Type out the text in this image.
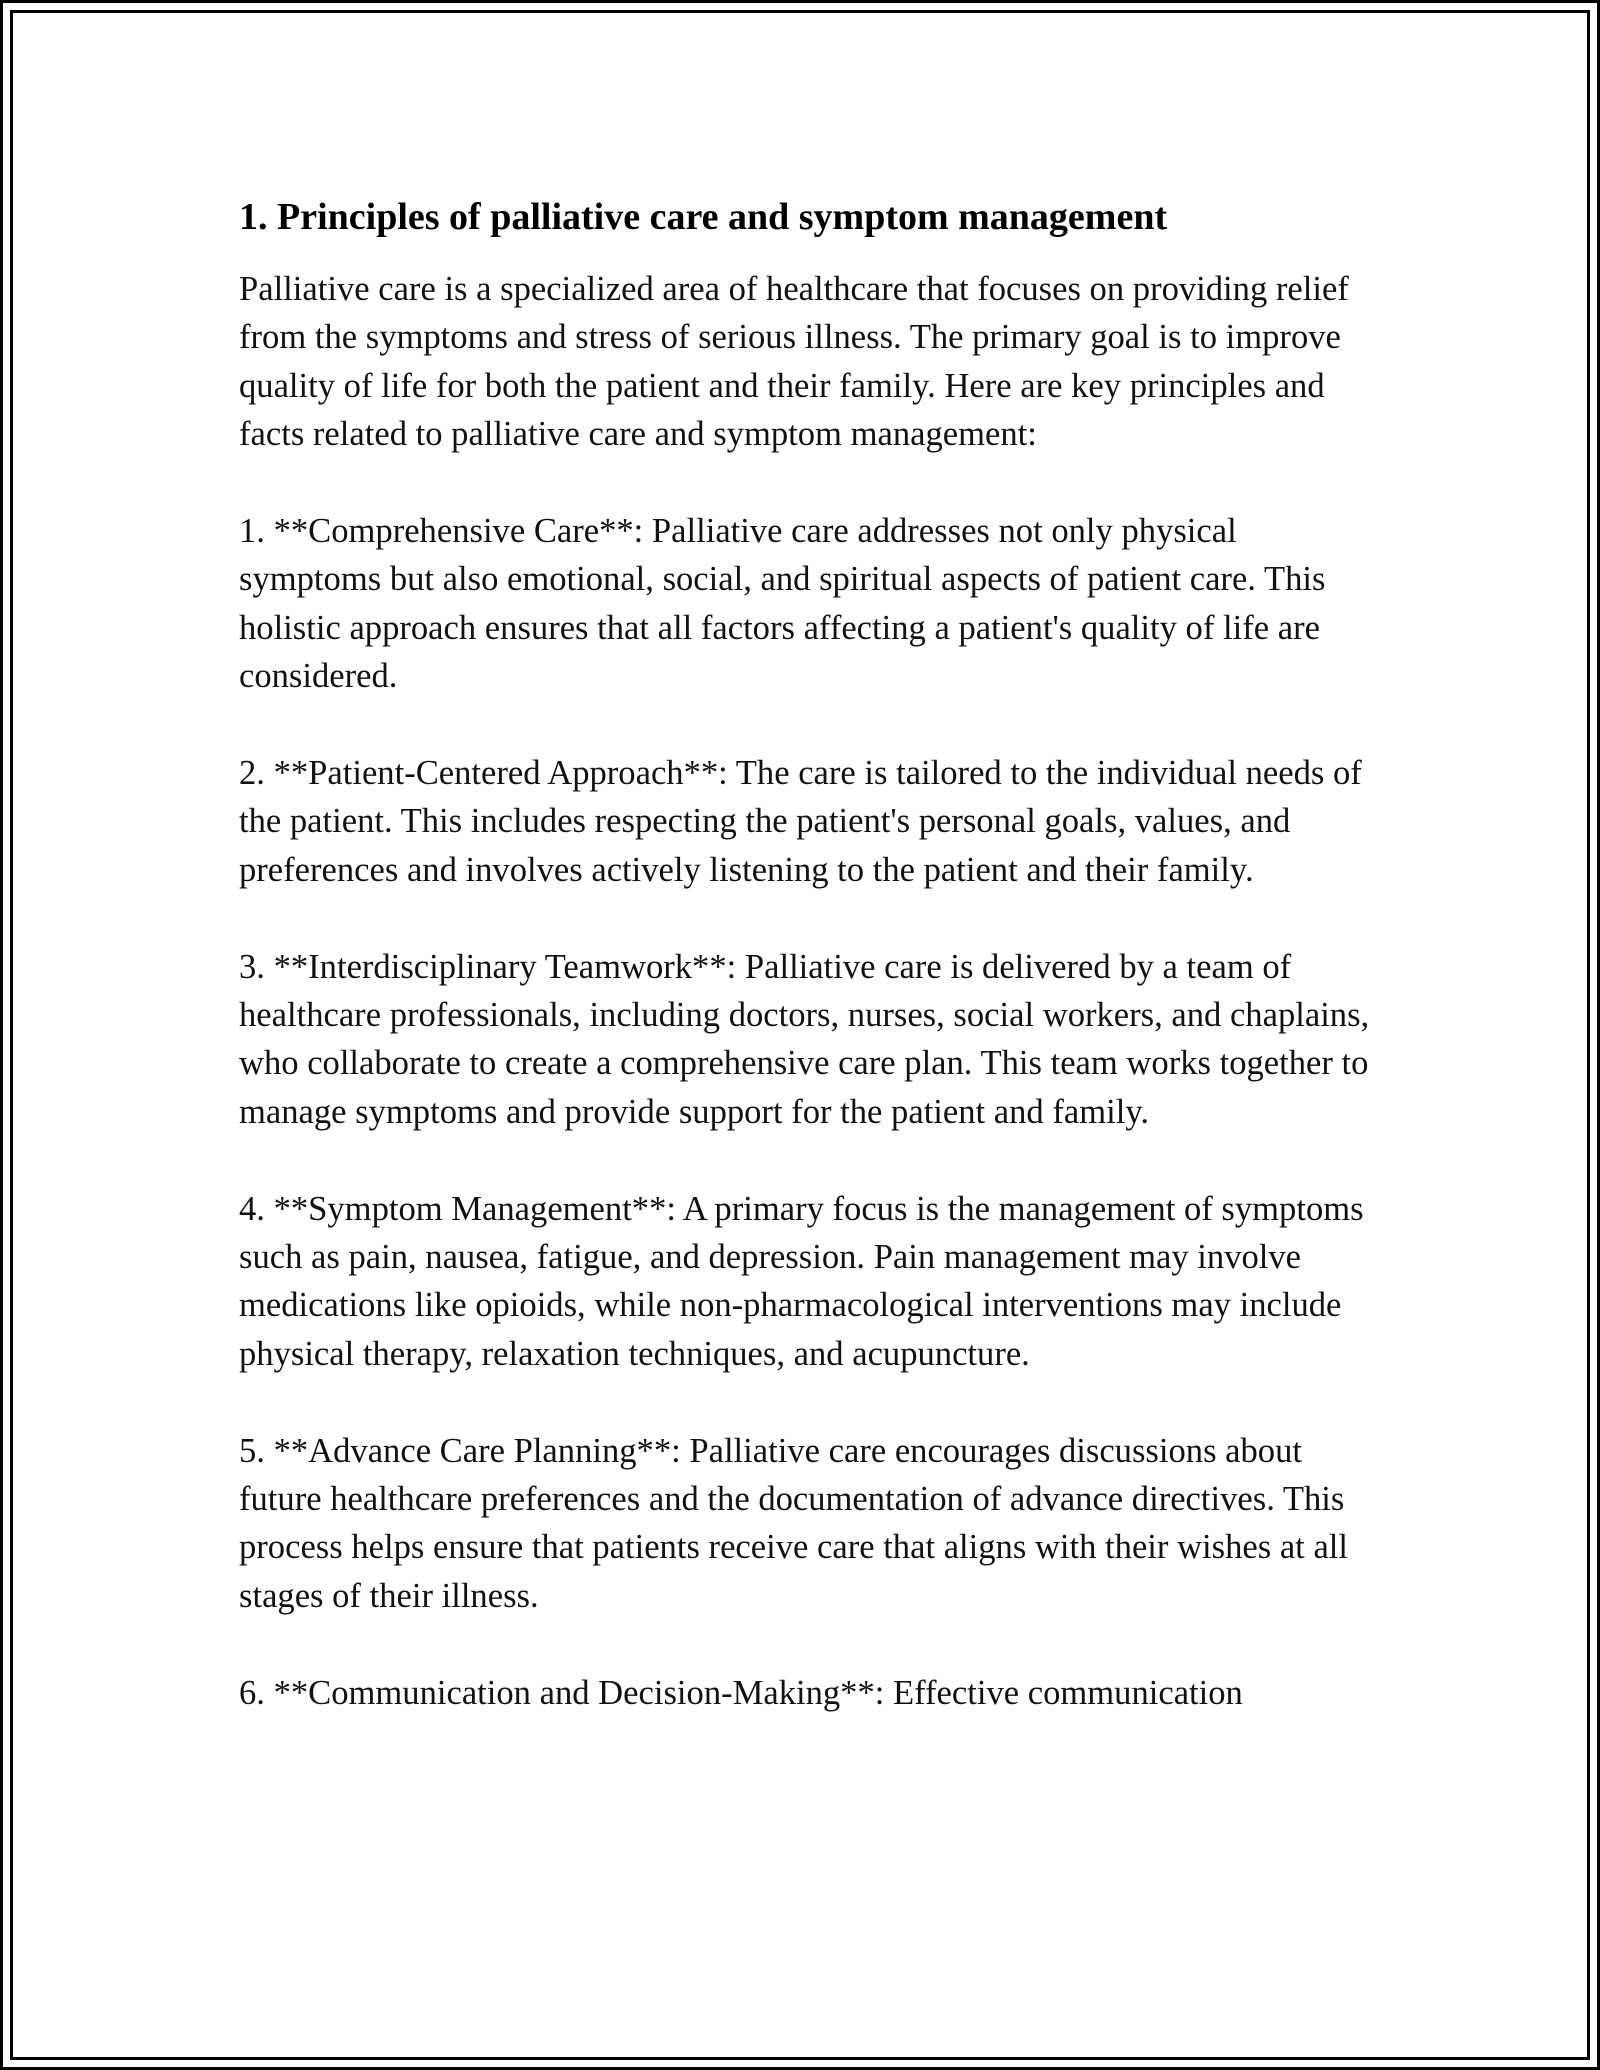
1. Principles of palliative care and symptom management

Palliative care is a specialized area of healthcare that focuses on providing relief from the symptoms and stress of serious illness. The primary goal is to improve quality of life for both the patient and their family. Here are key principles and facts related to palliative care and symptom management:

1. **Comprehensive Care**: Palliative care addresses not only physical symptoms but also emotional, social, and spiritual aspects of patient care. This holistic approach ensures that all factors affecting a patient's quality of life are considered.

2. **Patient-Centered Approach**: The care is tailored to the individual needs of the patient. This includes respecting the patient's personal goals, values, and preferences and involves actively listening to the patient and their family.

3. **Interdisciplinary Teamwork**: Palliative care is delivered by a team of healthcare professionals, including doctors, nurses, social workers, and chaplains, who collaborate to create a comprehensive care plan. This team works together to manage symptoms and provide support for the patient and family.

4. **Symptom Management**: A primary focus is the management of symptoms such as pain, nausea, fatigue, and depression. Pain management may involve medications like opioids, while non-pharmacological interventions may include physical therapy, relaxation techniques, and acupuncture.

5. **Advance Care Planning**: Palliative care encourages discussions about future healthcare preferences and the documentation of advance directives. This process helps ensure that patients receive care that aligns with their wishes at all stages of their illness.

6. **Communication and Decision-Making**: Effective communication
